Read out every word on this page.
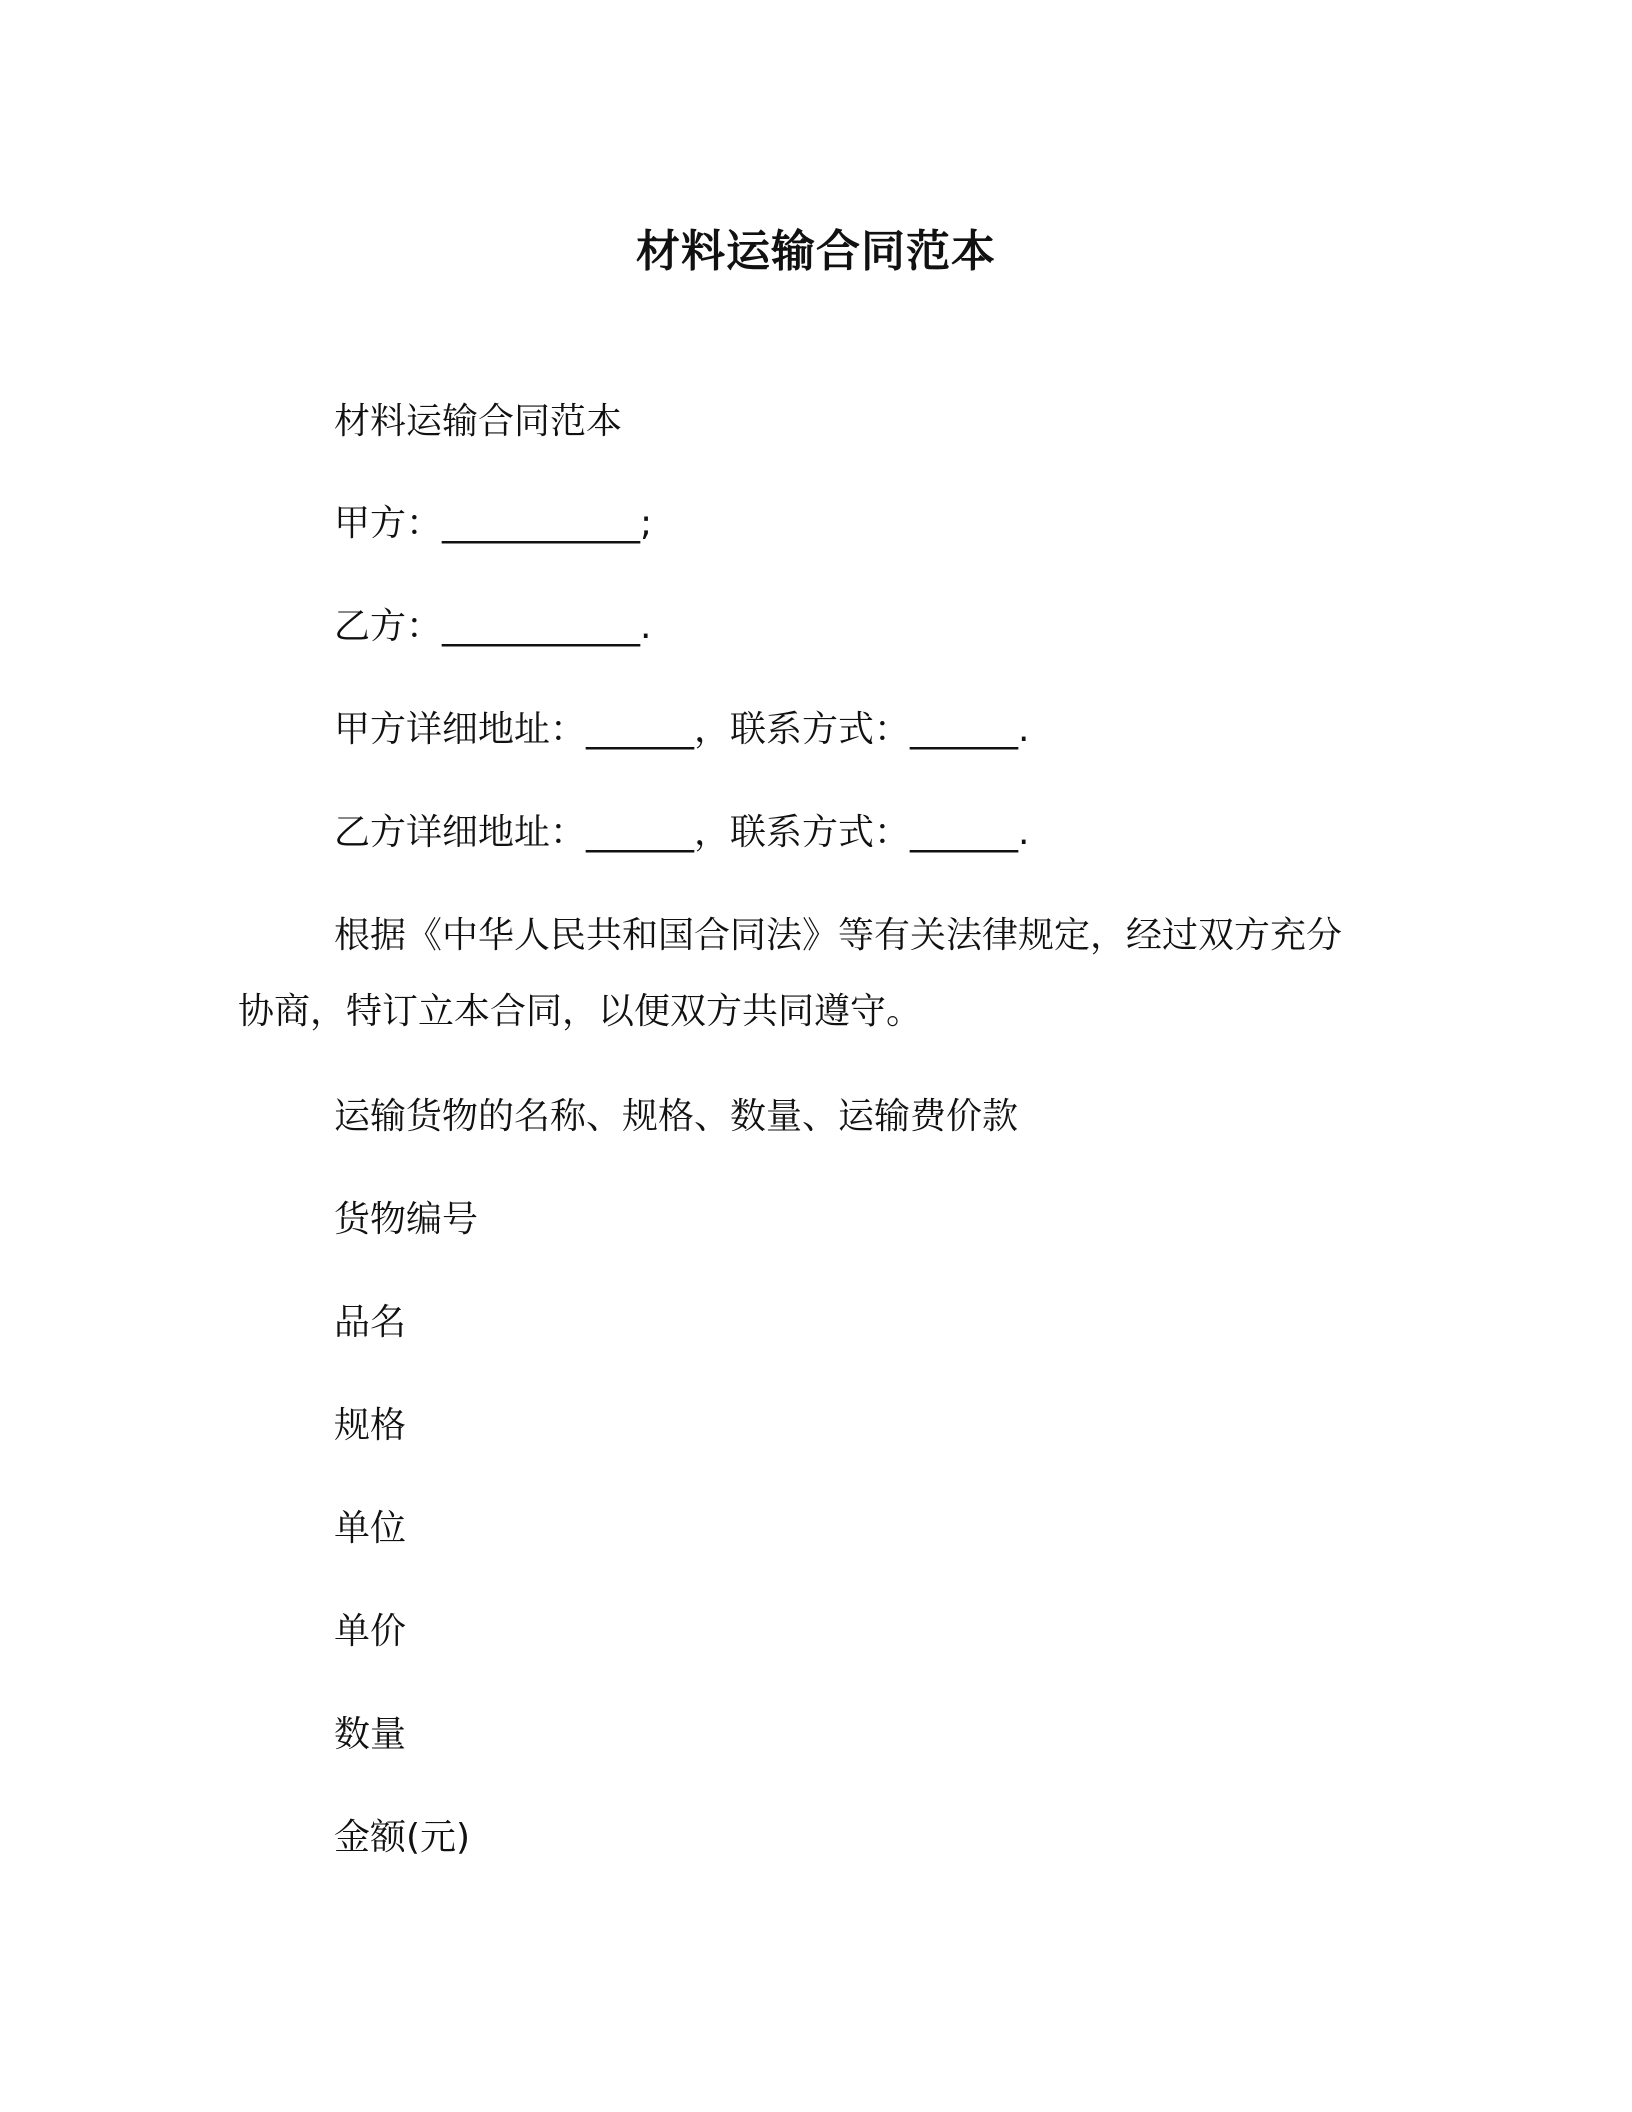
材料运输合同范本
材料运输合同范本
甲方：___________;
乙方：___________.
甲方详细地址：______，联系方式：______.
乙方详细地址：______，联系方式：______.
根据《中华人民共和国合同法》等有关法律规定，经过双方充分
协商，特订立本合同，以便双方共同遵守。
运输货物的名称、规格、数量、运输费价款
货物编号
品名
规格
单位
单价
数量
金额(元)
